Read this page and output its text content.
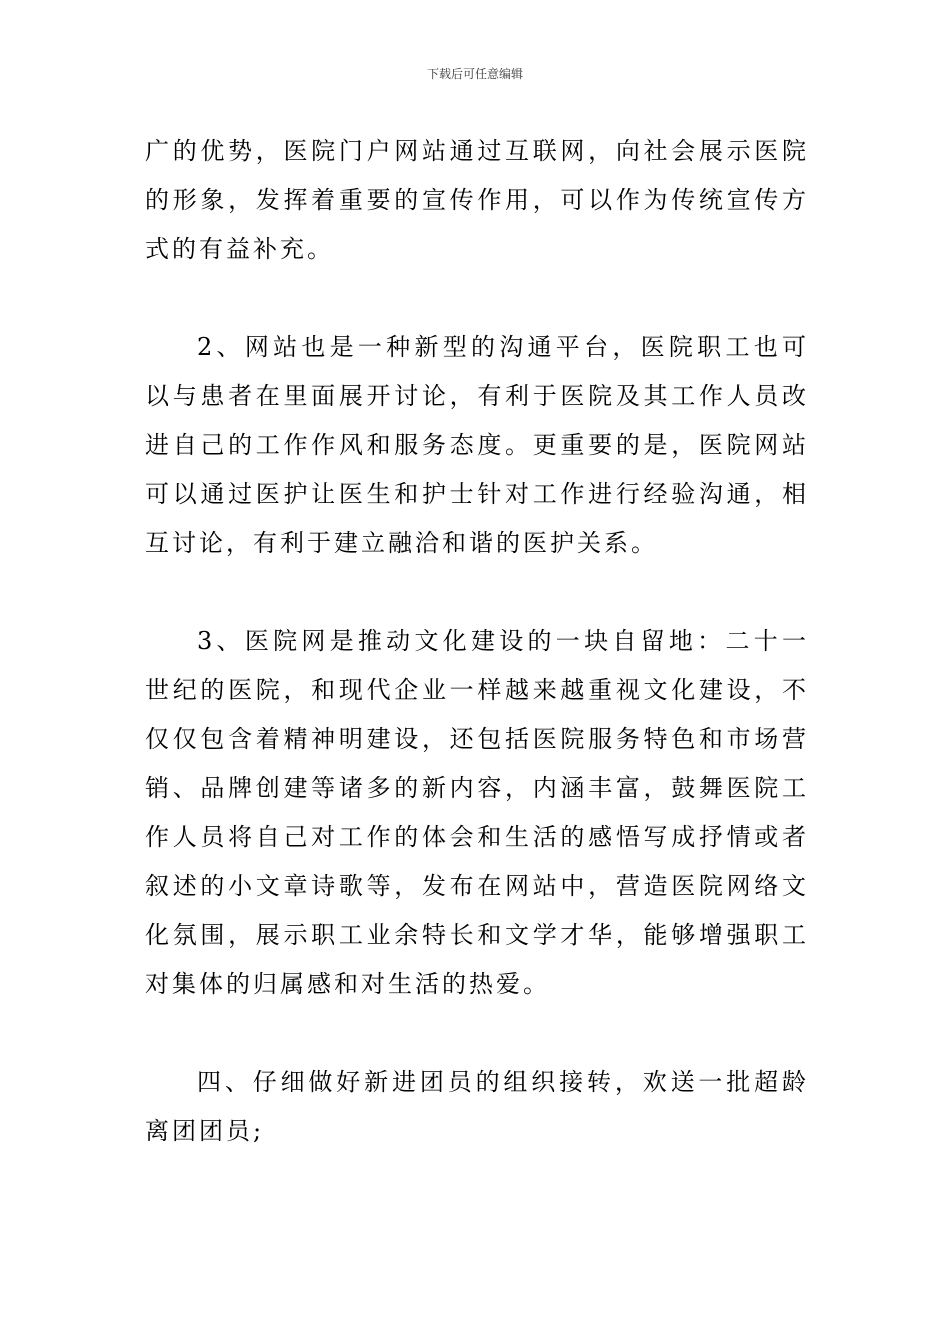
下载后可任意编辑

广的优势，医院门户网站通过互联网，向社会展示医院的形象，发挥着重要的宣传作用，可以作为传统宣传方式的有益补充。

2、网站也是一种新型的沟通平台，医院职工也可以与患者在里面展开讨论，有利于医院及其工作人员改进自己的工作作风和服务态度。更重要的是，医院网站可以通过医护让医生和护士针对工作进行经验沟通，相互讨论，有利于建立融洽和谐的医护关系。

3、医院网是推动文化建设的一块自留地：二十一世纪的医院，和现代企业一样越来越重视文化建设，不仅仅包含着精神明建设，还包括医院服务特色和市场营销、品牌创建等诸多的新内容，内涵丰富，鼓舞医院工作人员将自己对工作的体会和生活的感悟写成抒情或者叙述的小文章诗歌等，发布在网站中，营造医院网络文化氛围，展示职工业余特长和文学才华，能够增强职工对集体的归属感和对生活的热爱。

四、仔细做好新进团员的组织接转，欢送一批超龄离团团员;
